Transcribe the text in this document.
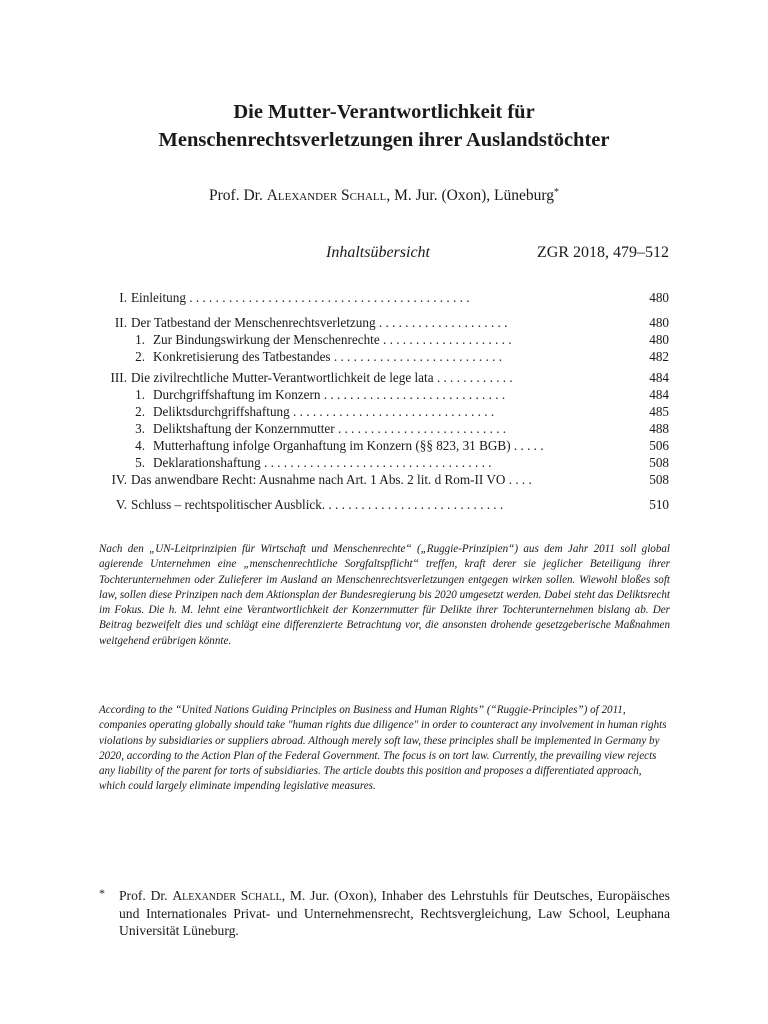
Die Mutter-Verantwortlichkeit für
Menschenrechtsverletzungen ihrer Auslandstöchter
Prof. Dr. Alexander Schall, M. Jur. (Oxon), Lüneburg*
Inhaltsübersicht	ZGR 2018, 479–512
I. Einleitung . . . . . . . . . . . . . . . . . . . . . . . . . . . . . . . . . . . . . . . . . . .	480
II. Der Tatbestand der Menschenrechtsverletzung . . . . . . . . . . . . . . . . . . . .	480
1. Zur Bindungswirkung der Menschenrechte . . . . . . . . . . . . . . . . . . . .	480
2. Konkretisierung des Tatbestandes . . . . . . . . . . . . . . . . . . . . . . . . . .	482
III. Die zivilrechtliche Mutter-Verantwortlichkeit de lege lata . . . . . . . . . . . .	484
1. Durchgriffshaftung im Konzern . . . . . . . . . . . . . . . . . . . . . . . . . . . .	484
2. Deliktsdurchgriffshaftung . . . . . . . . . . . . . . . . . . . . . . . . . . . . . . .	485
3. Deliktshaftung der Konzernmutter . . . . . . . . . . . . . . . . . . . . . . . . . .	488
4. Mutterhaftung infolge Organhaftung im Konzern (§§ 823, 31 BGB) . . . . .	506
5. Deklarationshaftung . . . . . . . . . . . . . . . . . . . . . . . . . . . . . . . . . . .	508
IV. Das anwendbare Recht: Ausnahme nach Art. 1 Abs. 2 lit. d Rom-II VO . . . .	508
V. Schluss – rechtspolitischer Ausblick. . . . . . . . . . . . . . . . . . . . . . . . . . . .	510
Nach den „UN-Leitprinzipien für Wirtschaft und Menschenrechte“ („Ruggie-Prinzipien“) aus dem Jahr 2011 soll global agierende Unternehmen eine „menschenrechtliche Sorgfaltspflicht“ treffen, kraft derer sie jeglicher Beteiligung ihrer Tochterunternehmen oder Zulieferer im Ausland an Menschenrechtsverletzungen entgegen wirken sollen. Wiewohl bloßes soft law, sollen diese Prinzipen nach dem Aktionsplan der Bundesregierung bis 2020 umgesetzt werden. Dabei steht das Deliktsrecht im Fokus. Die h. M. lehnt eine Verantwortlichkeit der Konzernmutter für Delikte ihrer Tochterunternehmen bislang ab. Der Beitrag bezweifelt dies und schlägt eine differenzierte Betrachtung vor, die ansonsten drohende gesetzgeberische Maßnahmen weitgehend erübrigen könnte.
According to the “United Nations Guiding Principles on Business and Human Rights” (“Ruggie-Principles”) of 2011, companies operating globally should take "human rights due diligence" in order to counteract any involvement in human rights violations by subsidiaries or suppliers abroad. Although merely soft law, these principles shall be implemented in Germany by 2020, according to the Action Plan of the Federal Government. The focus is on tort law. Currently, the prevailing view rejects any liability of the parent for torts of subsidiaries. The article doubts this position and proposes a differentiated approach, which could largely eliminate impending legislative measures.
* Prof. Dr. Alexander Schall, M. Jur. (Oxon), Inhaber des Lehrstuhls für Deutsches, Europäisches und Internationales Privat- und Unternehmensrecht, Rechtsvergleichung, Law School, Leuphana Universität Lüneburg.
